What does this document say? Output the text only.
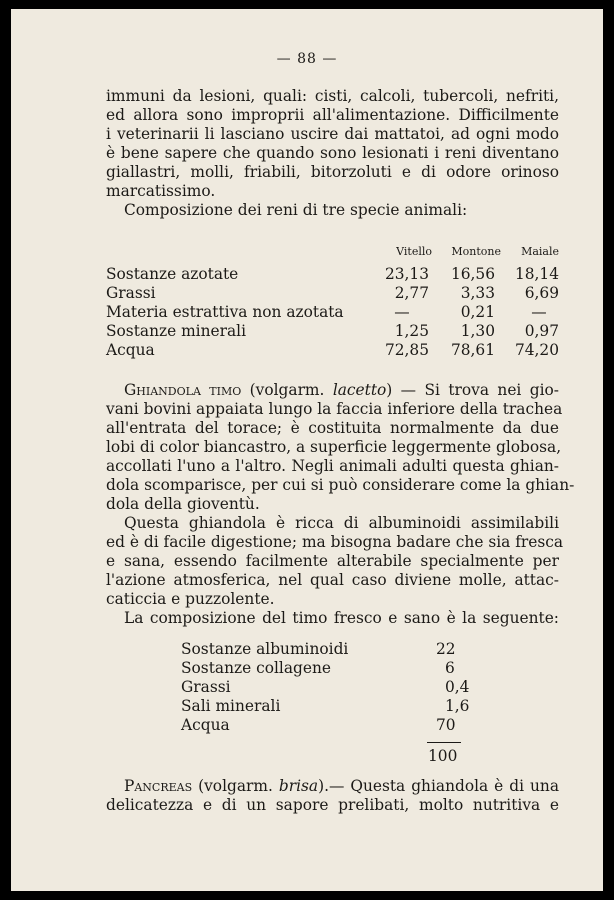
— 88 —
immuni da lesioni, quali: cisti, calcoli, tubercoli, nefriti,
ed allora sono improprii all'alimentazione. Difficilmente
i veterinarii li lasciano uscire dai mattatoi, ad ogni modo
è bene sapere che quando sono lesionati i reni diventano
giallastri, molli, friabili, bitorzoluti e di odore orinoso
marcatissimo.
Composizione dei reni di tre specie animali:
Vitello Montone Maiale
Sostanze azotate	23,13 16,56 18,14
Grassi	2,77 3,33 6,69
Materia estrattiva non azotata	—	0,21	—
Sostanze minerali	1,25 1,30 0,97
Acqua	72,85 78,61 74,20
Ghiandola timo (volgarm. lacetto) — Si trova nei gio-
vani bovini appaiata lungo la faccia inferiore della trachea
all'entrata del torace; è costituita normalmente da due
lobi di color biancastro, a superficie leggermente globosa,
accollati l'uno a l'altro. Negli animali adulti questa ghian-
dola scomparisce, per cui si può considerare come la ghian-
dola della gioventù.
Questa ghiandola è ricca di albuminoidi assimilabili
ed è di facile digestione; ma bisogna badare che sia fresca
e sana, essendo facilmente alterabile specialmente per
l'azione atmosferica, nel qual caso diviene molle, attac-
caticcia e puzzolente.
La composizione del timo fresco e sano è la seguente:
Sostanze albuminoidi	22
Sostanze collagene	6
Grassi	0,4
Sali minerali	1,6
Acqua	70
100
Pancreas (volgarm. brisa).— Questa ghiandola è di una
delicatezza e di un sapore prelibati, molto nutritiva e
